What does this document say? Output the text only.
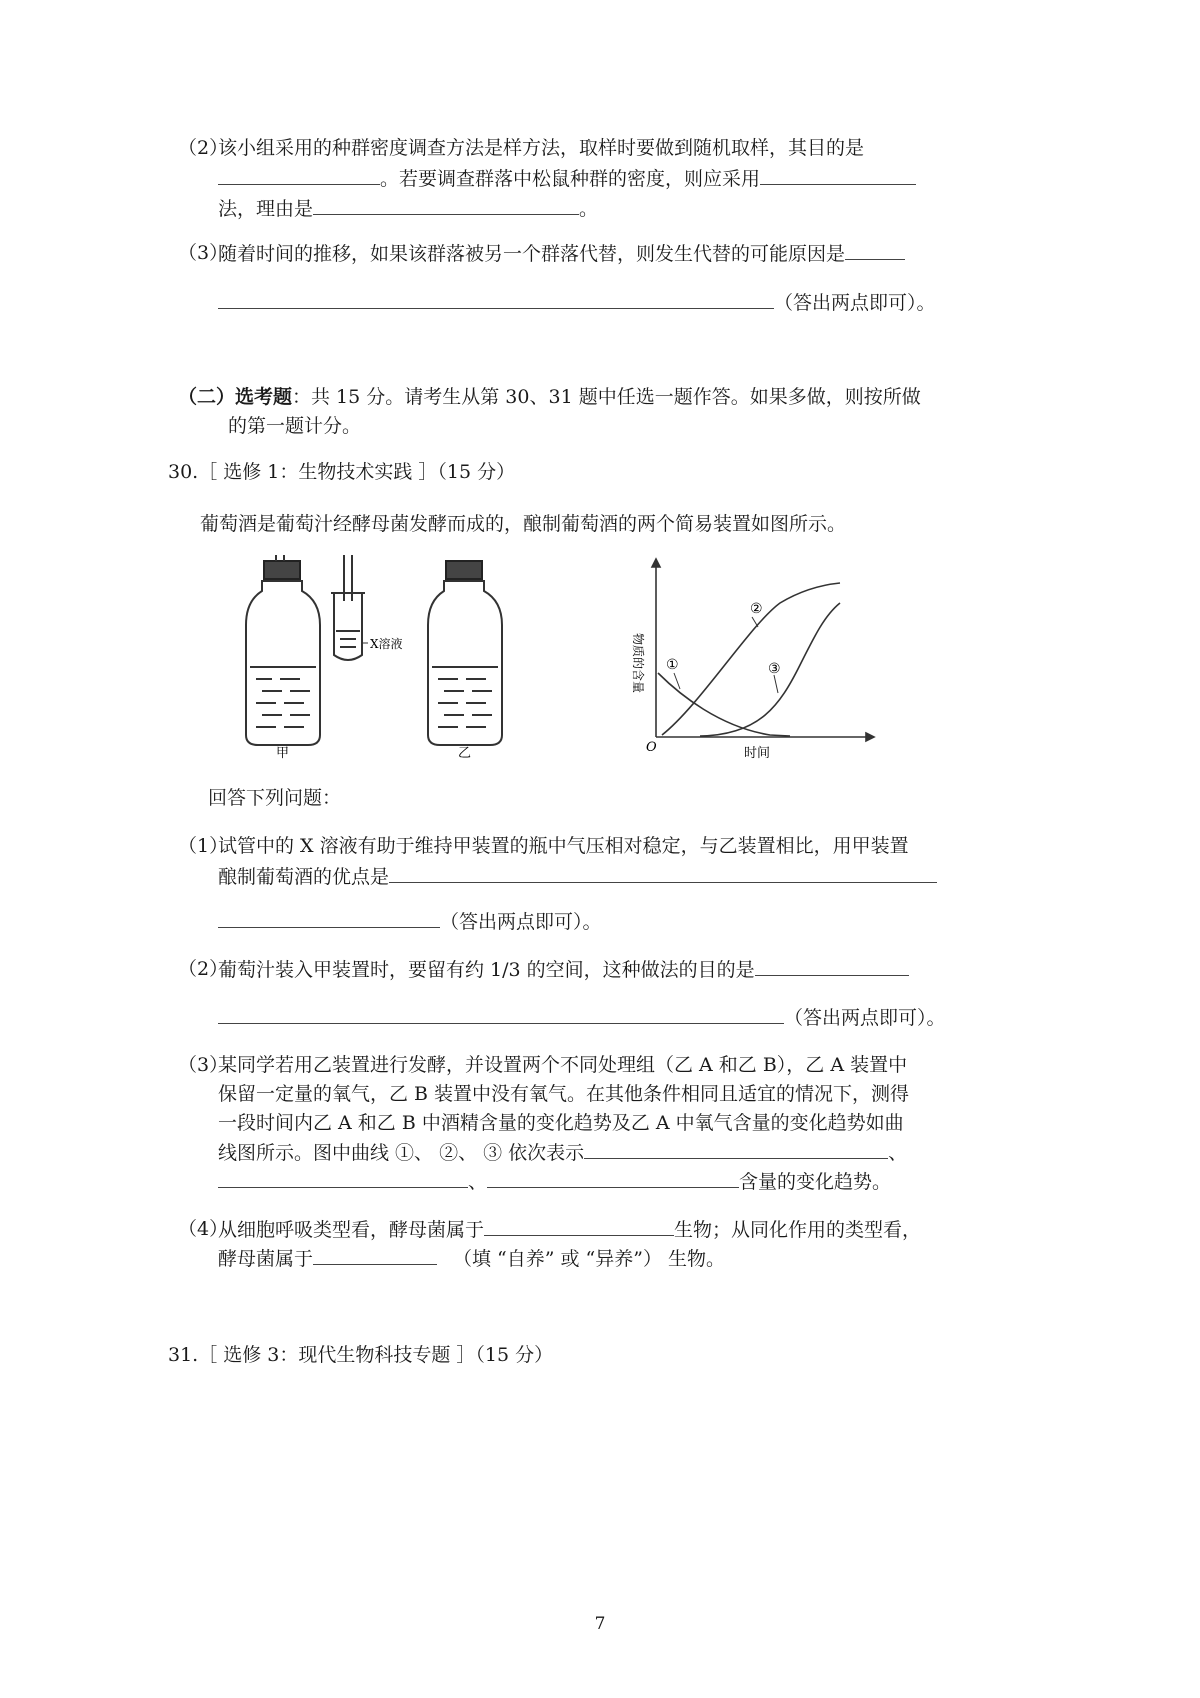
（2）
该小组采用的种群密度调查方法是样方法，取样时要做到随机取样，其目的是
。若要调查群落中松鼠种群的密度，则应采用
法，理由是	。
（3）
随着时间的推移，如果该群落被另一个群落代替，则发生代替的可能原因是
（答出两点即可）。
（二）选考题：共 15 分。请考生从第 30、31 题中任选一题作答。如果多做，则按所做
的第一题计分。
30.［ 选修 1：生物技术实践 ］（15 分）
葡萄酒是葡萄汁经酵母菌发酵而成的，酿制葡萄酒的两个简易装置如图所示。
X溶液
甲	乙
①
②
③
物质的含量
时间
O
回答下列问题：
（1）
试管中的 X 溶液有助于维持甲装置的瓶中气压相对稳定，与乙装置相比，用甲装置
酿制葡萄酒的优点是
（答出两点即可）。
（2）
葡萄汁装入甲装置时，要留有约 1/3 的空间，这种做法的目的是
（答出两点即可）。
（3）
某同学若用乙装置进行发酵，并设置两个不同处理组（乙 A 和乙 B），乙 A 装置中
保留一定量的氧气，乙 B 装置中没有氧气。在其他条件相同且适宜的情况下，测得
一段时间内乙 A 和乙 B 中酒精含量的变化趋势及乙 A 中氧气含量的变化趋势如曲
线图所示。图中曲线 ①、 ②、 ③ 依次表示	、
、	含量的变化趋势。
（4）
从细胞呼吸类型看，酵母菌属于	生物；从同化作用的类型看，
酵母菌属于	（填 “自养” 或 “异养”） 生物。
31.［ 选修 3：现代生物科技专题 ］（15 分）
7
